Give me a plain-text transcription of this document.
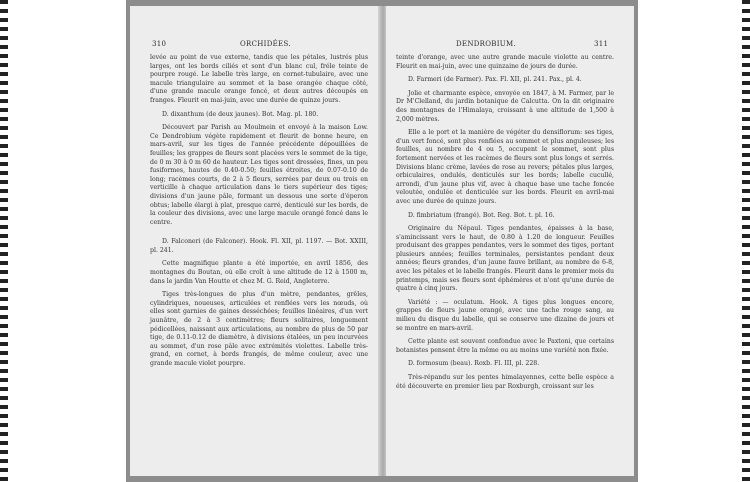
310	ORCHIDÉES.

levée au point de vue externe, tandis que les pétales, lustrés plus larges, ont les bords ciliés et sont d'un blanc cul, fréle teinte de pourpre rougé. Le labelle très large, en cornet-tubulaire, avec une macule triangulaire au sommet et la base orangée chaque côté, d'une grande macule orange foncé, et deux autres découpés en franges. Fleurit en mai-juin, avec une durée de quinze jours.

D. dixanthum (de deux jaunes). Bot. Mag. pl. 180.

Découvert par Parish au Moulmein et envoyé à la maison Low. Ce Dendrobium végète rapidement et fleurit de bonne heure, en mars-avril, sur les tiges de l'année précédente dépouillées de feuilles; les grappes de fleurs sont placées vers le sommet de la tige, de 0 m 30 à 0 m 60 de hauteur. Les tiges sont dressées, fines, un peu fusiformes, hautes de 0.40-0.50; feuilles étroites, de 0.07-0.10 de long; racèmes courts, de 2 à 5 fleurs, serrées par deux ou trois en verticille à chaque articulation dans le tiers supérieur des tiges; divisions d'un jaune pâle, formant un dessous une sorte d'éperon obtus; labelle élargi à plat, presque carré, denticulé sur les bords, de la couleur des divisions, avec une large macule orangé foncé dans le centre.

D. Falconeri (de Falconer). Hook. Fl. XII, pl. 1197. — Bot. XXIII, pl. 241.

Cette magnifique plante a été importée, en avril 1856, des montagnes du Boutan, où elle croît à une altitude de 12 à 1500 m, dans le jardin Van Houtte et chez M. G. Reid, Angleterre.

Tiges très-longues de plus d'un mètre, pendantes, grêles, cylindriques, noueuses, articulées et renflées vers les nœuds, où elles sont garnies de gaines desséchées; feuilles linéaires, d'un vert jaunâtre, de 2 à 3 centimètres; fleurs solitaires, longuement pédicellées, naissant aux articulations, au nombre de plus de 50 par tige, de 0.11-0.12 de diamètre, à divisions étalées, un peu incurvées au sommet, d'un rose pâle avec extrémités violettes. Labelle très-grand, en cornet, à bords frangés, de même couleur, avec une grande macule violet pourpre.

DENDROBIUM.	311

teinte d'orange, avec une autre grande macule violette au centre. Fleurit en mai-juin, avec une quinzaine de jours de durée.

D. Farmeri (de Farmer). Pax. Fl. XII, pl. 241. Pax., pl. 4.

Jolie et charmante espèce, envoyée en 1847, à M. Farmer, par le Dr M'Clelland, du jardin botanique de Calcutta. On la dit originaire des montagnes de l'Himalaya, croissant à une altitude de 1,500 à 2,000 mètres.

Elle a le port et la manière de végéter du densiflorum: ses tiges, d'un vert foncé, sont plus renflées au sommet et plus anguleuses; les feuilles, au nombre de 4 ou 5, occupent le sommet, sont plus fortement nervées et les racèmes de fleurs sont plus longs et serrés. Divisions blanc crème, lavées de rose au revers; pétales plus larges, orbiculaires, ondulés, denticulés sur les bords; labelle cucullé, arrondi, d'un jaune plus vif, avec à chaque base une tache foncée veloutée, ondulée et denticulée sur les bords. Fleurit en avril-mai avec une durée de quinze jours.

D. fimbriatum (frangé). Bot. Reg. Bot. t. pl. 16.

Originaire du Népaul. Tiges pendantes, épaisses à la base, s'amincissant vers le haut, de 0.80 à 1.20 de longueur. Feuilles produisant des grappes pendantes, vers le sommet des tiges, portant plusieurs années; feuilles terminales, persistantes pendant deux années; fleurs grandes, d'un jaune fauve brillant, au nombre de 6-8, avec les pétales et le labelle frangés. Fleurit dans le premier mois du printemps, mais ses fleurs sont éphémères et n'ont qu'une durée de quatre à cinq jours.

Variété : — oculatum. Hook. A tiges plus longues encore, grappes de fleurs jaune orangé, avec une tache rouge sang, au milieu du disque du labelle, qui se conserve une dizaine de jours et se montre en mars-avril.

Cette plante est souvent confondue avec le Paxtoni, que certains botanistes pensent être la même ou au moins une variété non fixée.

D. formosum (beau). Roxb. Fl. III, pl. 228.

Très-répandu sur les pentes himalayennes, cette belle espèce a été découverte en premier lieu par Roxburgh, croissant sur les
